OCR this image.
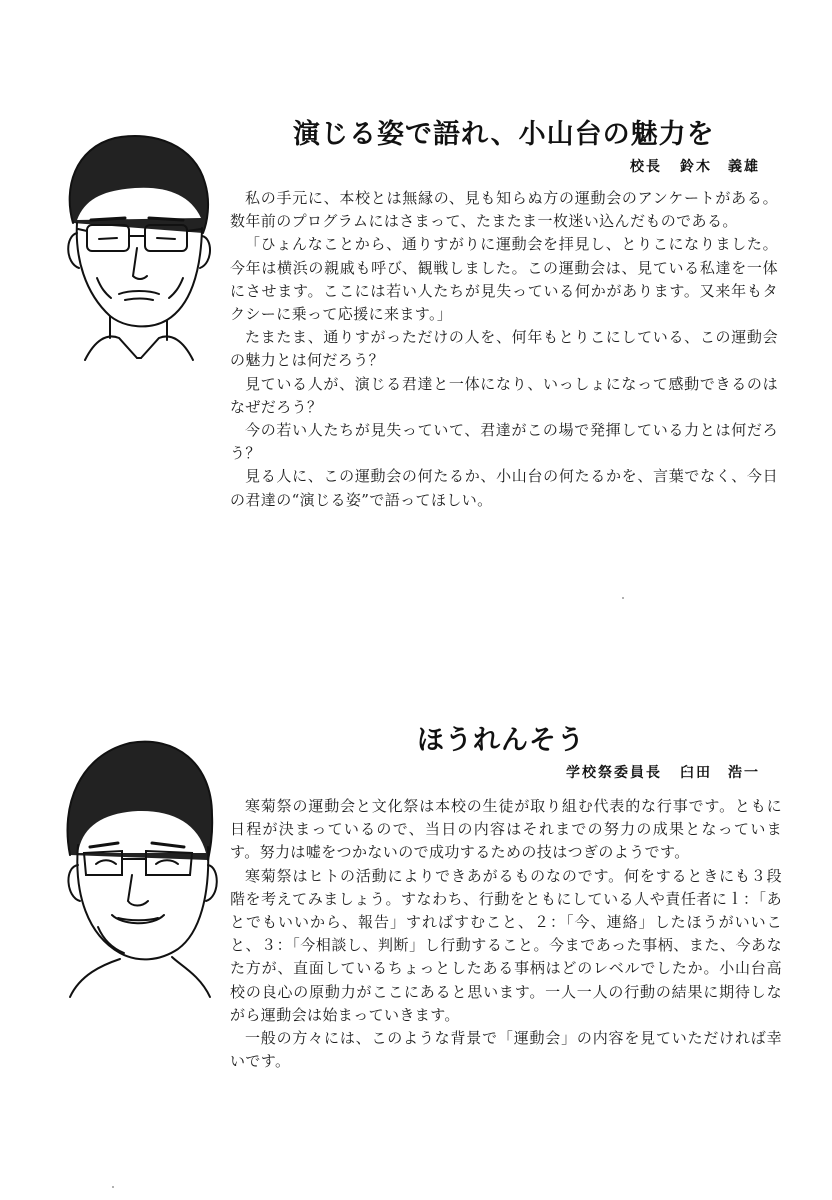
演じる姿で語れ、小山台の魅力を
校長 鈴木　義雄

私の手元に、本校とは無縁の、見も知らぬ方の運動会のアンケートがある。数年前のプログラムにはさまって、たまたま一枚迷い込んだものである。

「ひょんなことから、通りすがりに運動会を拝見し、とりこになりました。今年は横浜の親戚も呼び、観戦しました。この運動会は、見ている私達を一体にさせます。ここには若い人たちが見失っている何かがあります。又来年もタクシーに乗って応援に来ます。」

たまたま、通りすがっただけの人を、何年もとりこにしている、この運動会の魅力とは何だろう？

見ている人が、演じる君達と一体になり、いっしょになって感動できるのはなぜだろう？

今の若い人たちが見失っていて、君達がこの場で発揮している力とは何だろう？

見る人に、この運動会の何たるか、小山台の何たるかを、言葉でなく、今日の君達の“演じる姿”で語ってほしい。

ほうれんそう
学校祭委員長 臼田　浩一

寒菊祭の運動会と文化祭は本校の生徒が取り組む代表的な行事です。ともに日程が決まっているので、当日の内容はそれまでの努力の成果となっています。努力は嘘をつかないので成功するための技はつぎのようです。

寒菊祭はヒトの活動によりできあがるものなのです。何をするときにも３段階を考えてみましょう。すなわち、行動をともにしている人や責任者にｌ：「あとでもいいから、報告」すればすむこと、２：「今、連絡」したほうがいいこと、３：「今相談し、判断」し行動すること。今まであった事柄、また、今あなた方が、直面しているちょっとしたある事柄はどのレベルでしたか。小山台高校の良心の原動力がここにあると思います。一人一人の行動の結果に期待しながら運動会は始まっていきます。

一般の方々には、このような背景で「運動会」の内容を見ていただければ幸いです。
